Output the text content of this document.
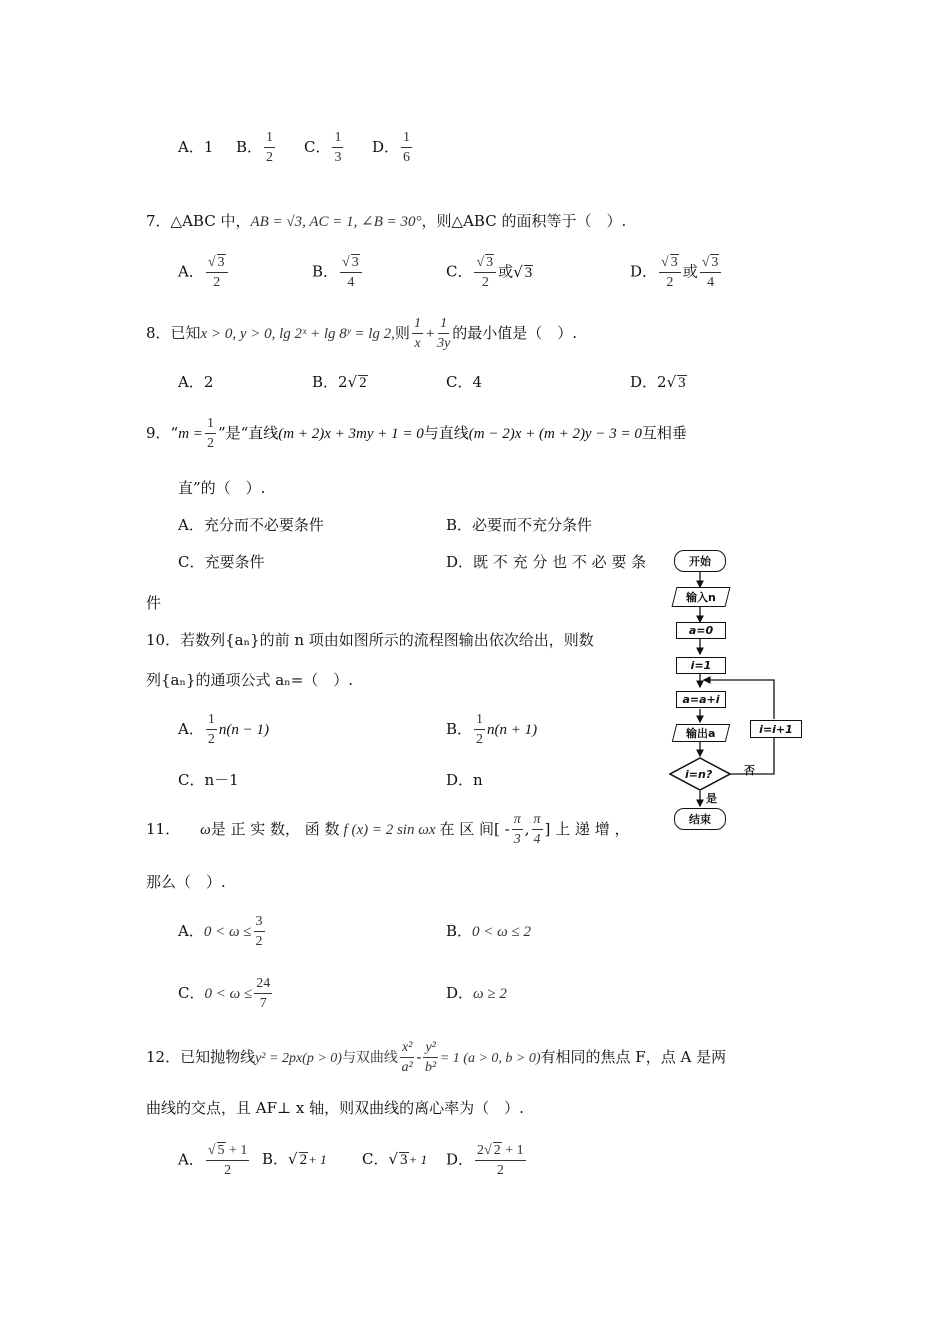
A．1 B． $\frac{1}{2}$ C． $\frac{1}{3}$ D． $\frac{1}{6}$
7．△ABC 中，AB = √3, AC = 1, ∠B = 30°，则△ABC 的面积等于（　）.
A． √ $\frac{3}{2}$	B． √ $\frac{3}{4}$	C． √ $\frac{3}{2}$ 或 √ 3	D． √ $\frac{3}{2}$ 或 √ $\frac{3}{4}$
8．已知x > 0, y > 0, lg 2ˣ + lg 8ʸ = lg 2,则 $\frac{1}{x} + \frac{1}{3y}$ 的最小值是（　）.
A．2	B．2 √ 2	C．4	D．2 √ 3
9．“$m = \frac{1}{2}$ ”是“直线(m + 2)x + 3my + 1 = 0与直线(m − 2)x + (m + 2)y − 3 = 0互相垂
直”的（　）.
A．充分而不必要条件	B．必要而不充分条件
C．充要条件	D．既 不 充 分 也 不 必 要 条
件
10．若数列{aₙ}的前 n 项由如图所示的流程图输出依次给出，则数
列{aₙ}的通项公式 aₙ=（　）.
A． $\frac{1}{2} n(n - 1)$	B． $\frac{1}{2} n(n + 1)$
C．n－1	D．n
11． ω是 正 实 数， 函 数 f (x) = 2 sin ωx 在 区 间[ - $\frac{\pi}{3}$ , $\frac{\pi}{4}$ ] 上 递 增 ，
那么（　）.
A．$0 < \omega \le \frac{3}{2}$	B．0 < ω ≤ 2
C．$0 < \omega \le \frac{24}{7}$	D．ω ≥ 2
12．已知抛物线y² = 2px(p > 0)与双曲线 $\frac{\text{x²}}{\text{a²}} - \frac{\text{y²}}{\text{b²}} = 1$ (a > 0, b > 0)有相同的焦点 F，点 A 是两
曲线的交点，且 AF⊥ x 轴，则双曲线的离心率为（　）.
A． √ $\frac{5 + 1}{2}$ B． √ 2+ 1 C． √ 3+ 1 D． $\frac{2 √ 2 + 1}{2}$
开始
输入n
a=0
i=1
a=a+i
输出a	i=i+1
i=n?	否
是
结束
